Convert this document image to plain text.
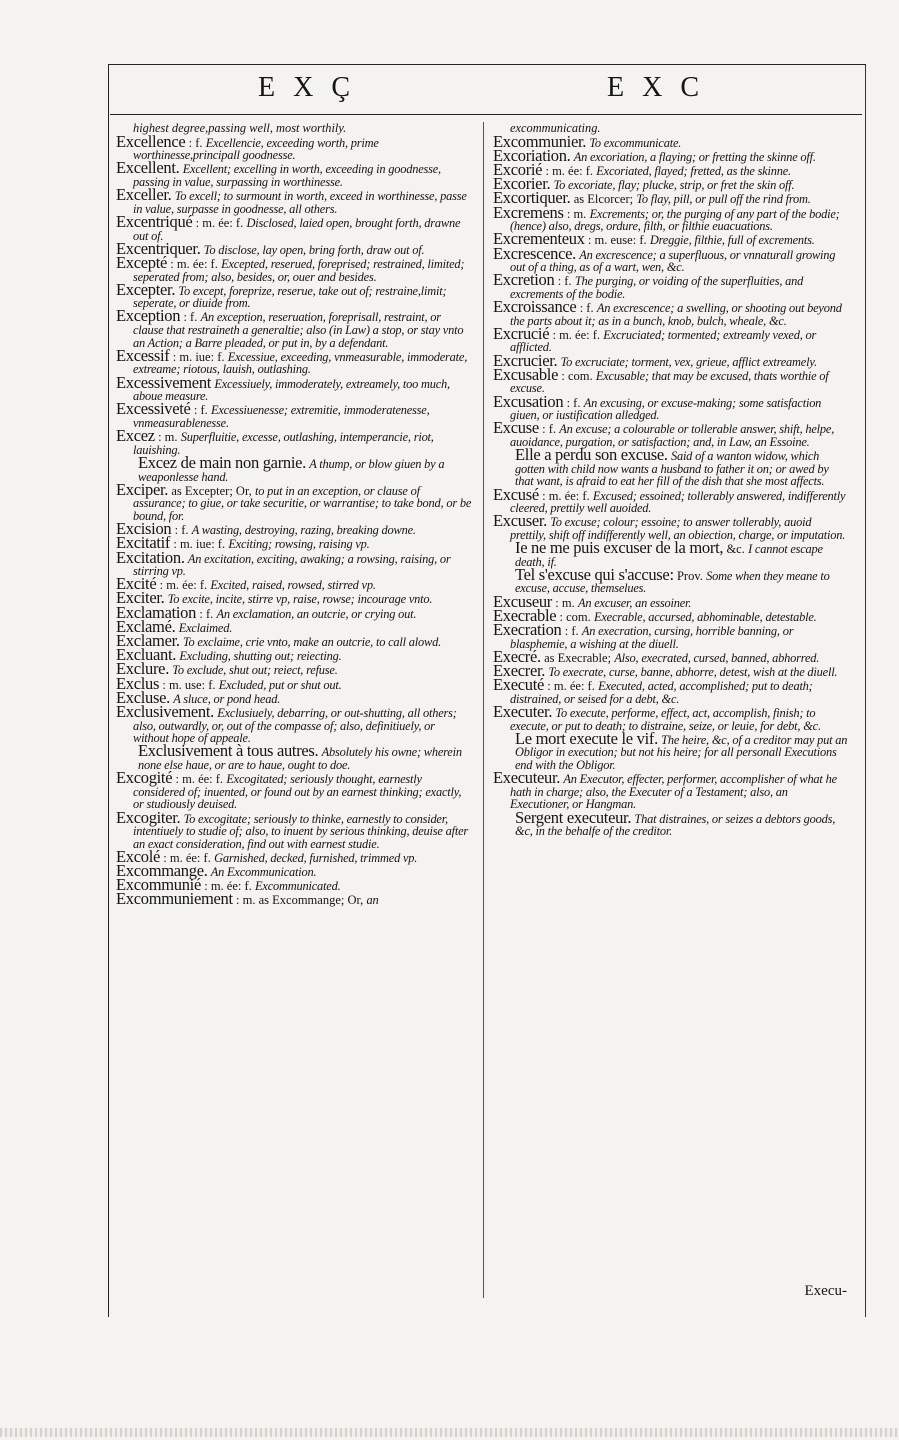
EXÇ	EXC
highest degree,passing well, most worthily.
Excellence : f. Excellencie, exceeding worth, prime worthinesse,principall goodnesse.
Excellent. Excellent; excelling in worth, exceeding in goodnesse, passing in value, surpassing in worthinesse.
Exceller. To excell; to surmount in worth, exceed in worthinesse, passe in value, surpasse in goodnesse, all others.
Excentriqué : m. ée: f. Disclosed, laied open, brought forth, drawne out of.
Excentriquer. To disclose, lay open, bring forth, draw out of.
Excepté : m. ée: f. Excepted, reserued, foreprised; restrained, limited; seperated from; also, besides, or, ouer and besides.
Excepter. To except, foreprize, reserue, take out of; restraine,limit; seperate, or diuide from.
Exception : f. An exception, reseruation, foreprisall, restraint, or clause that restraineth a generaltie; also (in Law) a stop, or stay vnto an Action; a Barre pleaded, or put in, by a defendant.
Excessif : m. iue: f. Excessiue, exceeding, vnmeasurable, immoderate, extreame; riotous, lauish, outlashing.
Excessivement Excessiuely, immoderately, extreamely, too much, aboue measure.
Excessiveté : f. Excessiuenesse; extremitie, immoderatenesse, vnmeasurablenesse.
Excez : m. Superfluitie, excesse, outlashing, intemperancie, riot, lauishing.
Excez de main non garnie. A thump, or blow giuen by a weaponlesse hand.
Exciper. as Excepter; Or, to put in an exception, or clause of assurance; to giue, or take securitie, or warrantise; to take bond, or be bound, for.
Excision : f. A wasting, destroying, razing, breaking downe.
Excitatif : m. iue: f. Exciting; rowsing, raising vp.
Excitation. An excitation, exciting, awaking; a rowsing, raising, or stirring vp.
Excité : m. ée: f. Excited, raised, rowsed, stirred vp.
Exciter. To excite, incite, stirre vp, raise, rowse; incourage vnto.
Exclamation : f. An exclamation, an outcrie, or crying out.
Exclamé. Exclaimed.
Exclamer. To exclaime, crie vnto, make an outcrie, to call alowd.
Excluant. Excluding, shutting out; reiecting.
Exclure. To exclude, shut out; reiect, refuse.
Exclus : m. use: f. Excluded, put or shut out.
Excluse. A sluce, or pond head.
Exclusivement. Exclusiuely, debarring, or out-shutting, all others; also, outwardly, or, out of the compasse of; also, definitiuely, or without hope of appeale.
Exclusivement à tous autres. Absolutely his owne; wherein none else haue, or are to haue, ought to doe.
Excogité : m. ée: f. Excogitated; seriously thought, earnestly considered of; inuented, or found out by an earnest thinking; exactly, or studiously deuised.
Excogiter. To excogitate; seriously to thinke, earnestly to consider, intentiuely to studie of; also, to inuent by serious thinking, deuise after an exact consideration, find out with earnest studie.
Excolé : m. ée: f. Garnished, decked, furnished, trimmed vp.
Excommange. An Excommunication.
Excommunié : m. ée: f. Excommunicated.
Excommuniement : m. as Excommange; Or, an
excommunicating.
Excommunier. To excommunicate.
Excoriation. An excoriation, a flaying; or fretting the skinne off.
Excorié : m. ée: f. Excoriated, flayed; fretted, as the skinne.
Excorier. To excoriate, flay; plucke, strip, or fret the skin off.
Excortiquer. as Elcorcer; To flay, pill, or pull off the rind from.
Excremens : m. Excrements; or, the purging of any part of the bodie; (hence) also, dregs, ordure, filth, or filthie euacuations.
Excrementeux : m. euse: f. Dreggie, filthie, full of excrements.
Excrescence. An excrescence; a superfluous, or vnnaturall growing out of a thing, as of a wart, wen, &c.
Excretion : f. The purging, or voiding of the superfluities, and excrements of the bodie.
Excroissance : f. An excrescence; a swelling, or shooting out beyond the parts about it; as in a bunch, knob, bulch, wheale, &c.
Excrucié : m. ée: f. Excruciated; tormented; extreamly vexed, or afflicted.
Excrucier. To excruciate; torment, vex, grieue, afflict extreamely.
Excusable : com. Excusable; that may be excused, thats worthie of excuse.
Excusation : f. An excusing, or excuse-making; some satisfaction giuen, or iustification alledged.
Excuse : f. An excuse; a colourable or tollerable answer, shift, helpe, auoidance, purgation, or satisfaction; and, in Law, an Essoine.
Elle a perdu son excuse. Said of a wanton widow, which gotten with child now wants a husband to father it on; or awed by that want, is afraid to eat her fill of the dish that she most affects.
Excusé : m. ée: f. Excused; essoined; tollerably answered, indifferently cleered, prettily well auoided.
Excuser. To excuse; colour; essoine; to answer tollerably, auoid prettily, shift off indifferently well, an obiection, charge, or imputation.
Ie ne me puis excuser de la mort, &c. I cannot escape death, if.
Tel s'excuse qui s'accuse: Prov. Some when they meane to excuse, accuse, themselues.
Excuseur : m. An excuser, an essoiner.
Execrable : com. Execrable, accursed, abhominable, detestable.
Execration : f. An execration, cursing, horrible banning, or blasphemie, a wishing at the diuell.
Execré. as Execrable; Also, execrated, cursed, banned, abhorred.
Execrer. To execrate, curse, banne, abhorre, detest, wish at the diuell.
Executé : m. ée: f. Executed, acted, accomplished; put to death; distrained, or seised for a debt, &c.
Executer. To execute, performe, effect, act, accomplish, finish; to execute, or put to death; to distraine, seize, or leuie, for debt, &c.
Le mort execute le vif. The heire, &c, of a creditor may put an Obligor in execution; but not his heire; for all personall Executions end with the Obligor.
Executeur. An Executor, effecter, performer, accomplisher of what he hath in charge; also, the Executer of a Testament; also, an Executioner, or Hangman.
Sergent executeur. That distraines, or seizes a debtors goods, &c, in the behalfe of the creditor.
Execu-
